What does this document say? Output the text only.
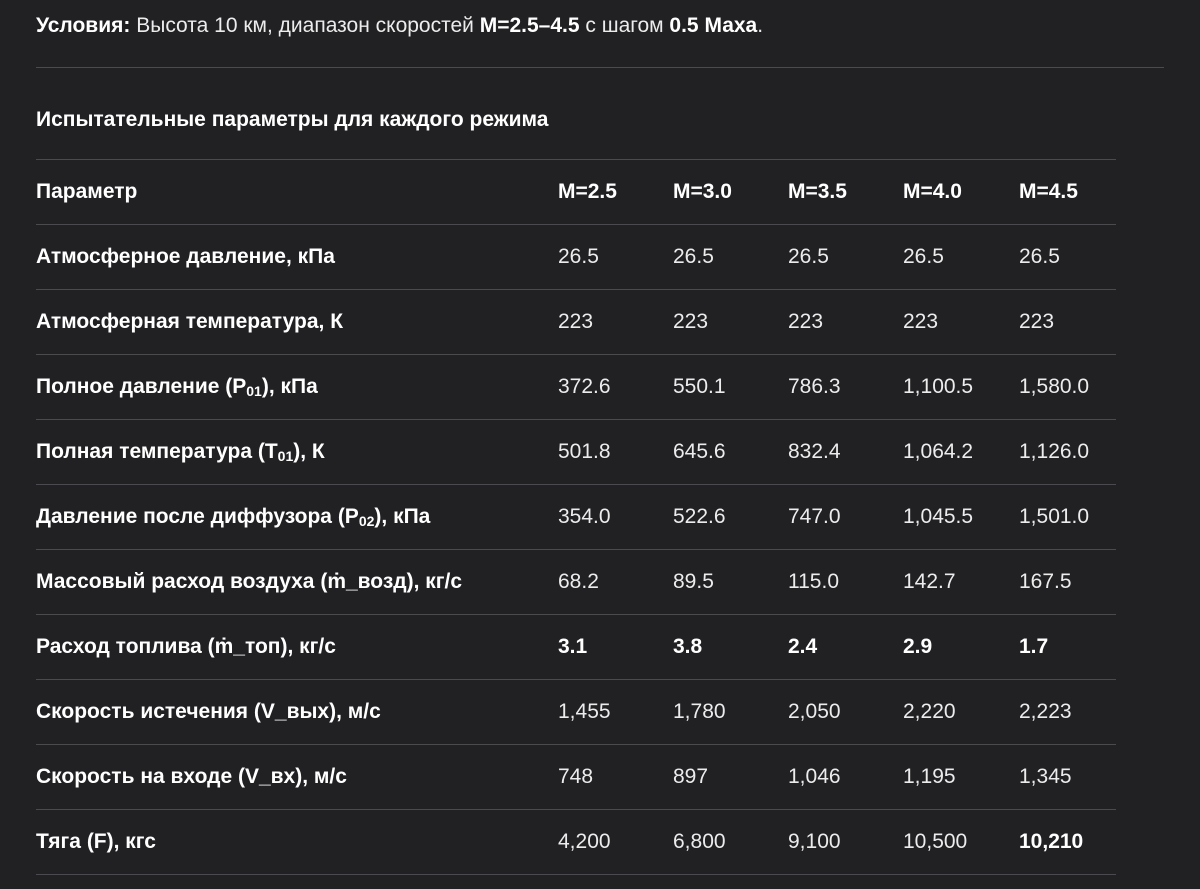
Условия: Высота 10 км, диапазон скоростей M=2.5–4.5 с шагом 0.5 Маха.
Испытательные параметры для каждого режима
Параметр	M=2.5	M=3.0	M=3.5	M=4.0	M=4.5
Атмосферное давление, кПа	26.5	26.5	26.5	26.5	26.5
Атмосферная температура, К	223	223	223	223	223
Полное давление $(P_{01})$, кПа	372.6	550.1	786.3	1,100.5	1,580.0
Полная температура $(T_{01})$, К	501.8	645.6	832.4	1,064.2	1,126.0
Давление после диффузора $(P_{02})$, кПа	354.0	522.6	747.0	1,045.5	1,501.0
Массовый расход воздуха (ṁ_возд), кг/с	68.2	89.5	115.0	142.7	167.5
Расход топлива (ṁ_топ), кг/с	3.1	3.8	2.4	2.9	1.7
Скорость истечения (V_вых), м/с	1,455	1,780	2,050	2,220	2,223
Скорость на входе (V_вх), м/с	748	897	1,046	1,195	1,345
Тяга (F), кгс	4,200	6,800	9,100	10,500	10,210
